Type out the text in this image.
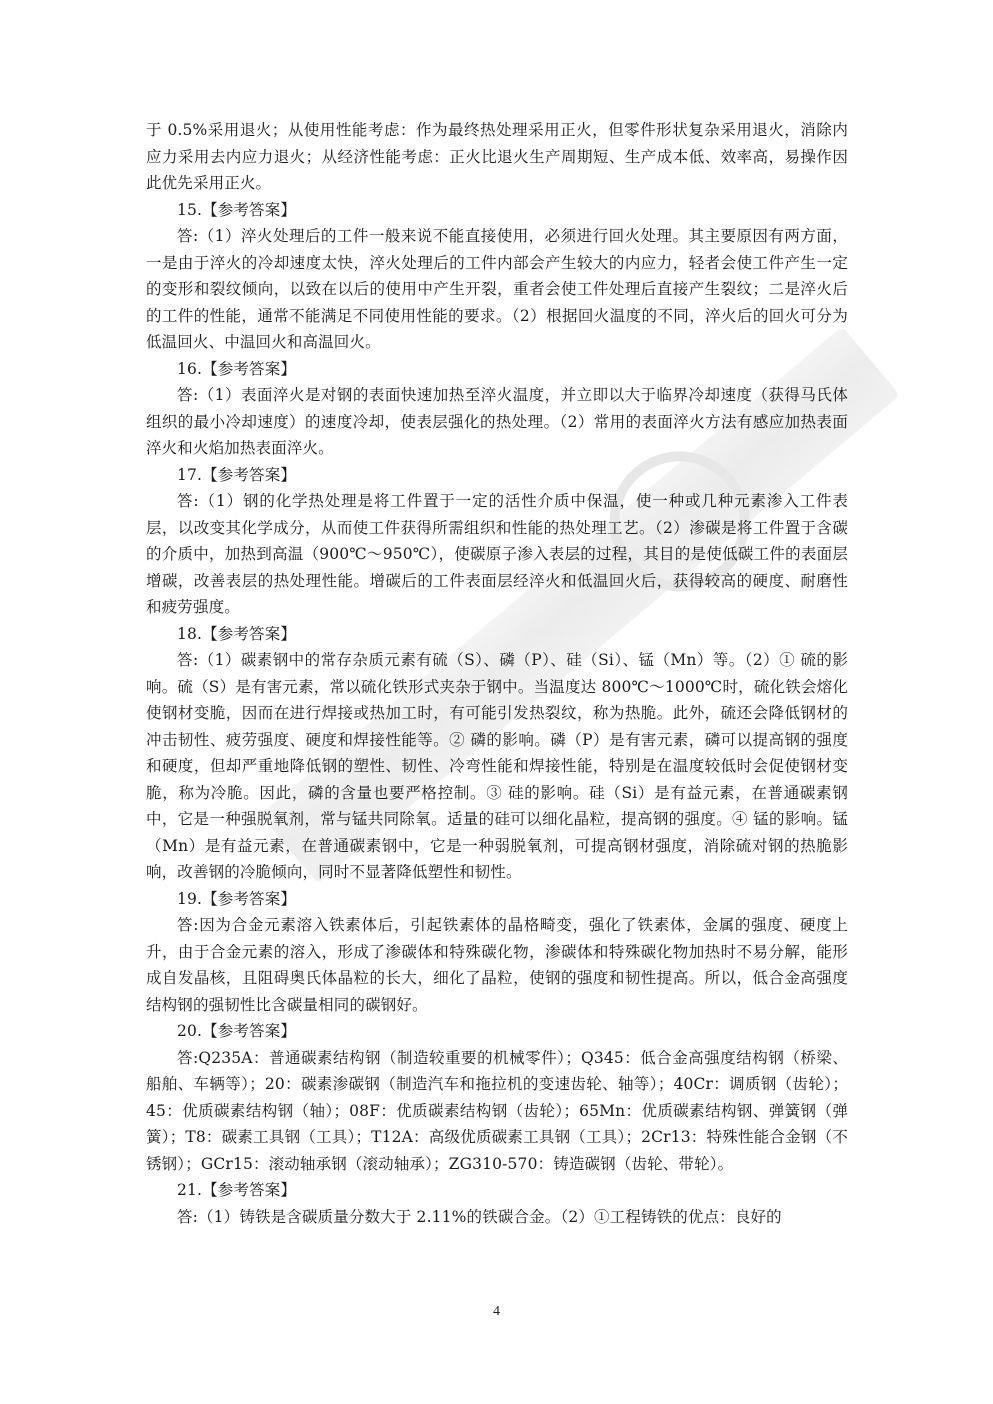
于 0.5%采用退火；从使用性能考虑：作为最终热处理采用正火，但零件形状复杂采用退火，消除内应力采用去内应力退火；从经济性能考虑：正火比退火生产周期短、生产成本低、效率高，易操作因此优先采用正火。

15.【参考答案】

答:（1）淬火处理后的工件一般来说不能直接使用，必须进行回火处理。其主要原因有两方面，一是由于淬火的冷却速度太快，淬火处理后的工件内部会产生较大的内应力，轻者会使工件产生一定的变形和裂纹倾向，以致在以后的使用中产生开裂，重者会使工件处理后直接产生裂纹；二是淬火后的工件的性能，通常不能满足不同使用性能的要求。（2）根据回火温度的不同，淬火后的回火可分为低温回火、中温回火和高温回火。

16.【参考答案】

答:（1）表面淬火是对钢的表面快速加热至淬火温度，并立即以大于临界冷却速度（获得马氏体组织的最小冷却速度）的速度冷却，使表层强化的热处理。（2）常用的表面淬火方法有感应加热表面淬火和火焰加热表面淬火。

17.【参考答案】

答:（1）钢的化学热处理是将工件置于一定的活性介质中保温，使一种或几种元素渗入工件表层，以改变其化学成分，从而使工件获得所需组织和性能的热处理工艺。（2）渗碳是将工件置于含碳的介质中，加热到高温（900℃～950℃），使碳原子渗入表层的过程，其目的是使低碳工件的表面层增碳，改善表层的热处理性能。增碳后的工件表面层经淬火和低温回火后，获得较高的硬度、耐磨性和疲劳强度。

18.【参考答案】

答:（1）碳素钢中的常存杂质元素有硫（S）、磷（P）、硅（Si）、锰（Mn）等。（2）① 硫的影响。硫（S）是有害元素，常以硫化铁形式夹杂于钢中。当温度达 800℃～1000℃时，硫化铁会熔化使钢材变脆，因而在进行焊接或热加工时，有可能引发热裂纹，称为热脆。此外，硫还会降低钢材的冲击韧性、疲劳强度、硬度和焊接性能等。② 磷的影响。磷（P）是有害元素，磷可以提高钢的强度和硬度，但却严重地降低钢的塑性、韧性、冷弯性能和焊接性能，特别是在温度较低时会促使钢材变脆，称为冷脆。因此，磷的含量也要严格控制。③ 硅的影响。硅（Si）是有益元素，在普通碳素钢中，它是一种强脱氧剂，常与锰共同除氧。适量的硅可以细化晶粒，提高钢的强度。④ 锰的影响。锰（Mn）是有益元素，在普通碳素钢中，它是一种弱脱氧剂，可提高钢材强度，消除硫对钢的热脆影响，改善钢的冷脆倾向，同时不显著降低塑性和韧性。

19.【参考答案】

答:因为合金元素溶入铁素体后，引起铁素体的晶格畸变，强化了铁素体，金属的强度、硬度上升，由于合金元素的溶入，形成了渗碳体和特殊碳化物，渗碳体和特殊碳化物加热时不易分解，能形成自发晶核，且阻碍奥氏体晶粒的长大，细化了晶粒，使钢的强度和韧性提高。所以，低合金高强度结构钢的强韧性比含碳量相同的碳钢好。

20.【参考答案】

答:Q235A：普通碳素结构钢（制造较重要的机械零件）；Q345：低合金高强度结构钢（桥梁、船舶、车辆等）；20：碳素渗碳钢（制造汽车和拖拉机的变速齿轮、轴等）；40Cr：调质钢（齿轮）；45：优质碳素结构钢（轴）；08F：优质碳素结构钢（齿轮）；65Mn：优质碳素结构钢、弹簧钢（弹簧）；T8：碳素工具钢（工具）；T12A：高级优质碳素工具钢（工具）；2Cr13：特殊性能合金钢（不锈钢）；GCr15：滚动轴承钢（滚动轴承）；ZG310-570：铸造碳钢（齿轮、带轮）。

21.【参考答案】

答:（1）铸铁是含碳质量分数大于 2.11%的铁碳合金。（2）①工程铸铁的优点：良好的

4
